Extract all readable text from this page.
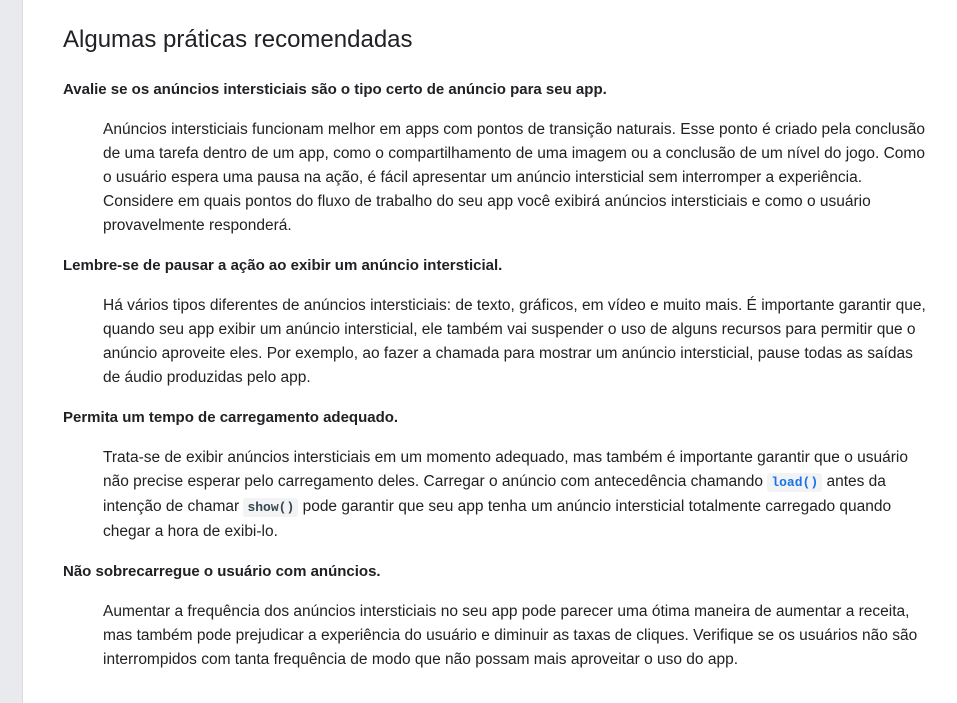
Algumas práticas recomendadas

Avalie se os anúncios intersticiais são o tipo certo de anúncio para seu app.

Anúncios intersticiais funcionam melhor em apps com pontos de transição naturais. Esse ponto é criado pela conclusão de uma tarefa dentro de um app, como o compartilhamento de uma imagem ou a conclusão de um nível do jogo. Como o usuário espera uma pausa na ação, é fácil apresentar um anúncio intersticial sem interromper a experiência. Considere em quais pontos do fluxo de trabalho do seu app você exibirá anúncios intersticiais e como o usuário provavelmente responderá.

Lembre-se de pausar a ação ao exibir um anúncio intersticial.

Há vários tipos diferentes de anúncios intersticiais: de texto, gráficos, em vídeo e muito mais. É importante garantir que, quando seu app exibir um anúncio intersticial, ele também vai suspender o uso de alguns recursos para permitir que o anúncio aproveite eles. Por exemplo, ao fazer a chamada para mostrar um anúncio intersticial, pause todas as saídas de áudio produzidas pelo app.

Permita um tempo de carregamento adequado.

Trata-se de exibir anúncios intersticiais em um momento adequado, mas também é importante garantir que o usuário não precise esperar pelo carregamento deles. Carregar o anúncio com antecedência chamando load() antes da intenção de chamar show() pode garantir que seu app tenha um anúncio intersticial totalmente carregado quando chegar a hora de exibi-lo.

Não sobrecarregue o usuário com anúncios.

Aumentar a frequência dos anúncios intersticiais no seu app pode parecer uma ótima maneira de aumentar a receita, mas também pode prejudicar a experiência do usuário e diminuir as taxas de cliques. Verifique se os usuários não são interrompidos com tanta frequência de modo que não possam mais aproveitar o uso do app.
